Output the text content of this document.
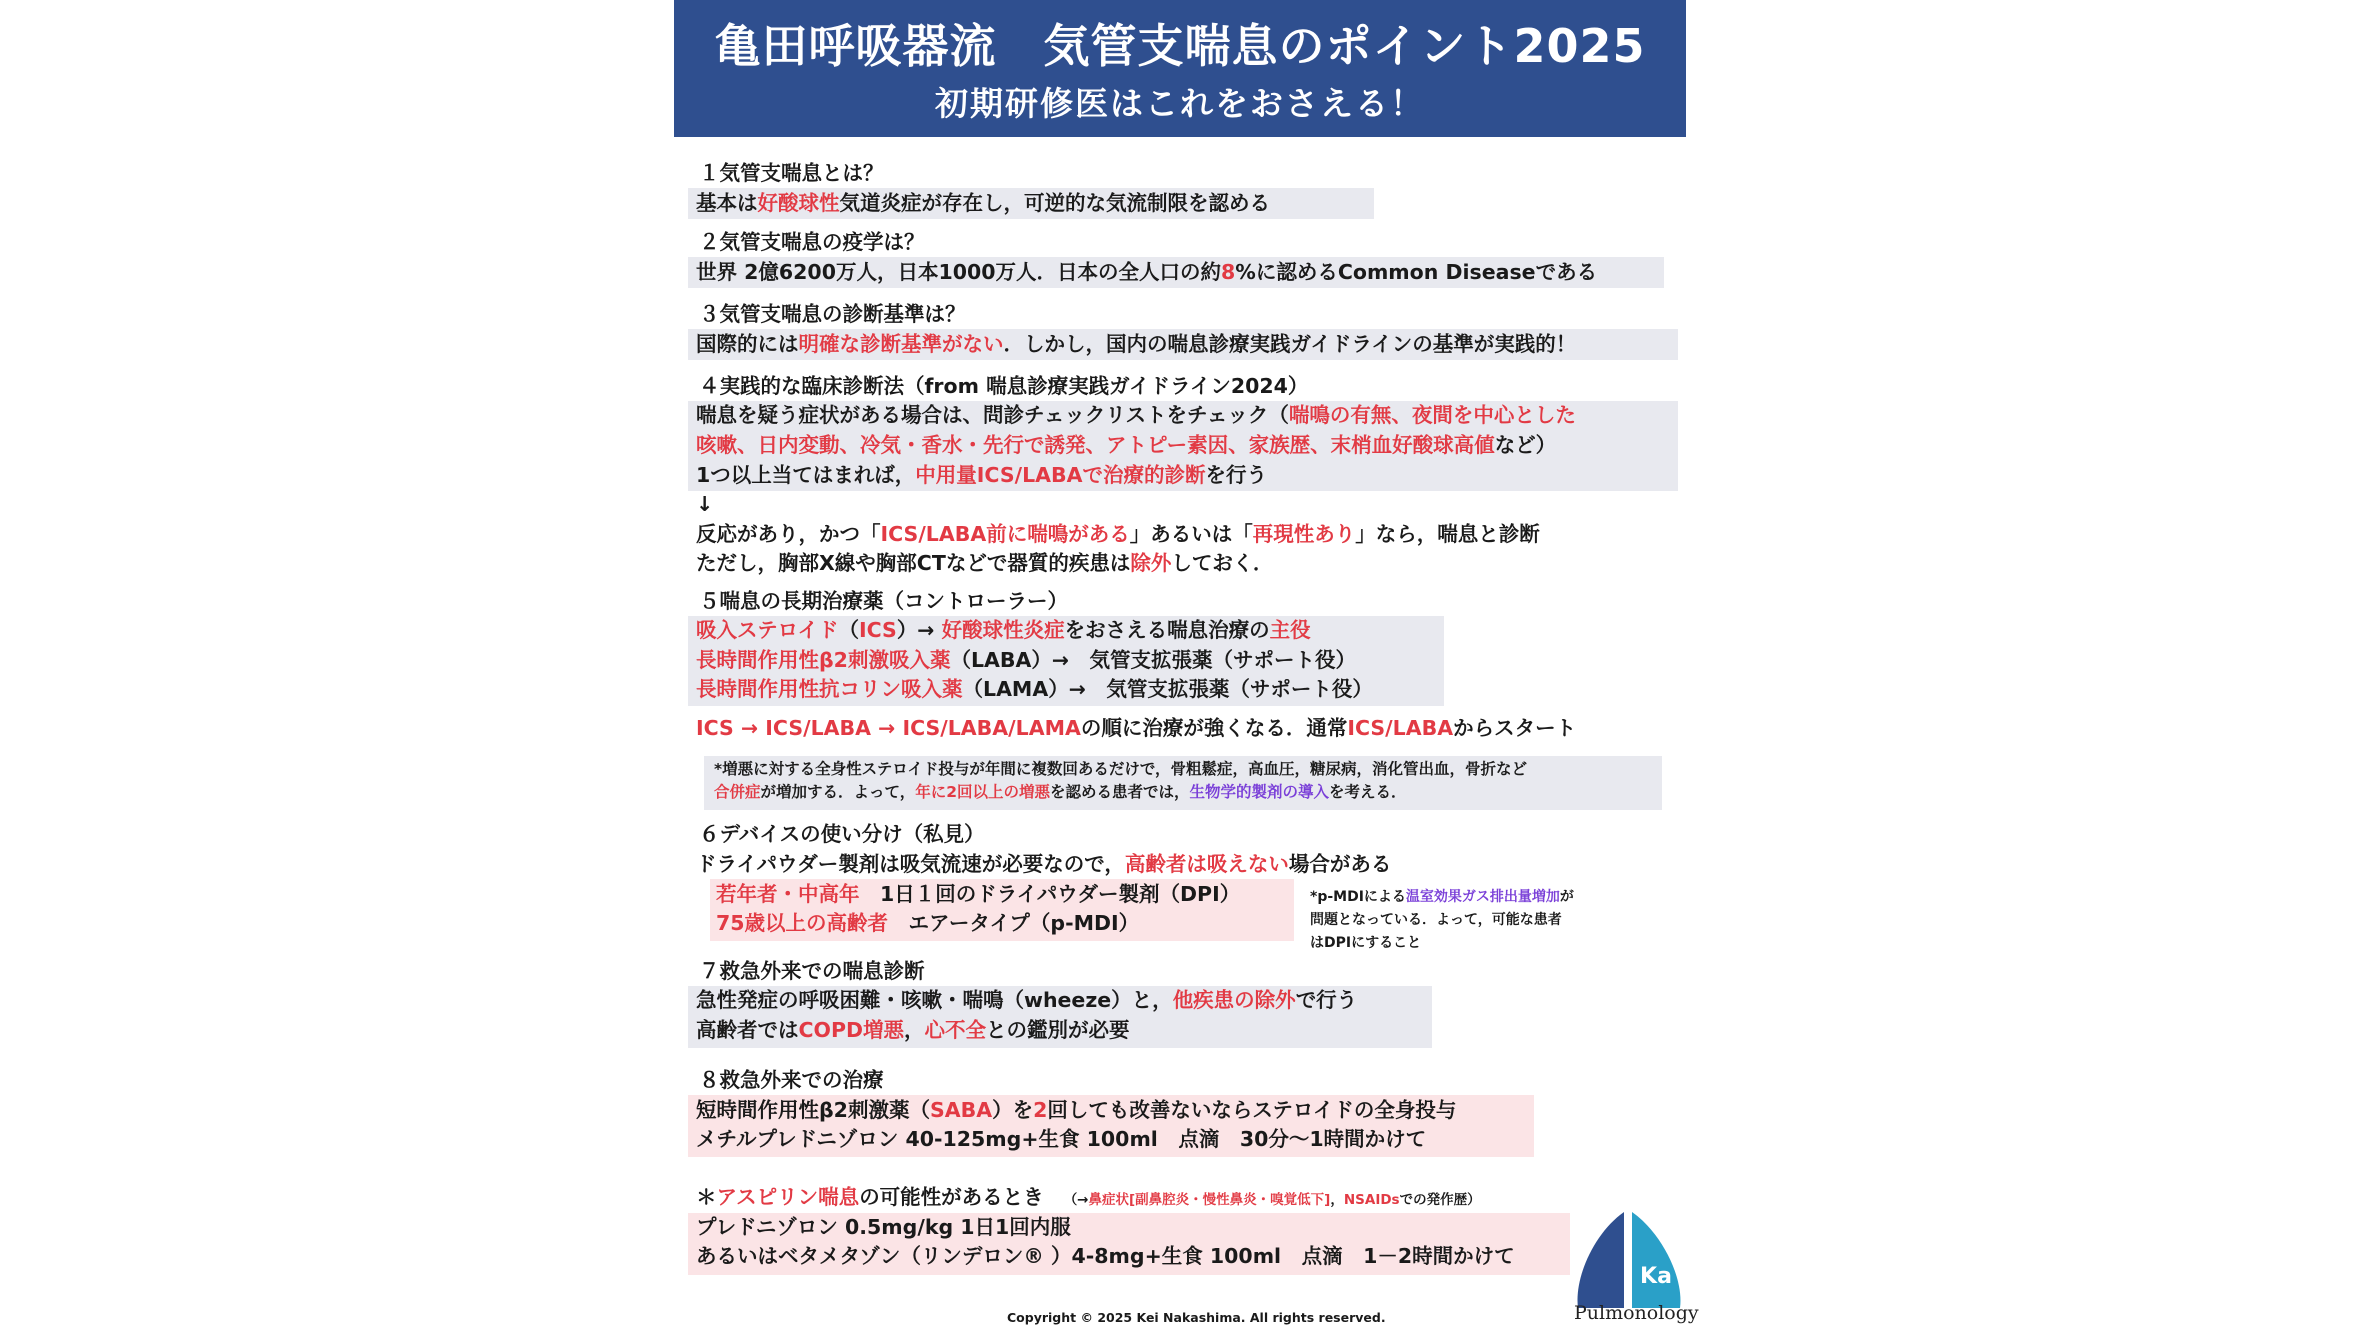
亀田呼吸器流　気管支喘息のポイント2025
初期研修医はこれをおさえる！
１気管支喘息とは？
基本は好酸球性気道炎症が存在し，可逆的な気流制限を認める
２気管支喘息の疫学は？
世界 2億6200万人，日本1000万人．日本の全人口の約8%に認めるCommon Diseaseである
３気管支喘息の診断基準は？
国際的には明確な診断基準がない．しかし，国内の喘息診療実践ガイドラインの基準が実践的！
４実践的な臨床診断法（from 喘息診療実践ガイドライン2024）
喘息を疑う症状がある場合は、問診チェックリストをチェック（喘鳴の有無、夜間を中心とした
咳嗽、日内変動、冷気・香水・先行で誘発、アトピー素因、家族歴、末梢血好酸球高値など）
1つ以上当てはまれば，中用量ICS/LABAで治療的診断を行う
↓
反応があり，かつ「ICS/LABA前に喘鳴がある」あるいは「再現性あり」なら，喘息と診断
ただし，胸部X線や胸部CTなどで器質的疾患は除外しておく．
５喘息の長期治療薬（コントローラー）
吸入ステロイド（ICS）→ 好酸球性炎症をおさえる喘息治療の主役
長時間作用性β2刺激吸入薬（LABA）→　気管支拡張薬（サポート役）
長時間作用性抗コリン吸入薬（LAMA）→　気管支拡張薬（サポート役）
ICS → ICS/LABA → ICS/LABA/LAMAの順に治療が強くなる．通常ICS/LABAからスタート
*増悪に対する全身性ステロイド投与が年間に複数回あるだけで，骨粗鬆症，高血圧，糖尿病，消化管出血，骨折など
合併症が増加する．よって，年に2回以上の増悪を認める患者では，生物学的製剤の導入を考える．
６デバイスの使い分け（私見）
ドライパウダー製剤は吸気流速が必要なので，高齢者は吸えない場合がある
若年者・中高年　1日１回のドライパウダー製剤（DPI）
75歳以上の高齢者　エアータイプ（p-MDI）
*p-MDIによる温室効果ガス排出量増加が
問題となっている．よって，可能な患者
はDPIにすること
７救急外来での喘息診断
急性発症の呼吸困難・咳嗽・喘鳴（wheeze）と，他疾患の除外で行う
高齢者ではCOPD増悪，心不全との鑑別が必要
８救急外来での治療
短時間作用性β2刺激薬（SABA）を2回しても改善ないならステロイドの全身投与
メチルプレドニゾロン 40-125mg+生食 100ml　点滴　30分〜1時間かけて
＊アスピリン喘息の可能性があるとき （→鼻症状[副鼻腔炎・慢性鼻炎・嗅覚低下]，NSAIDsでの発作歴）
プレドニゾロン 0.5mg/kg 1日1回内服
あるいはベタメタゾン（リンデロン® ）4-8mg+生食 100ml　点滴　1－2時間かけて
Copyright © 2025 Kei Nakashima. All rights reserved.
Ka
Pulmonology
